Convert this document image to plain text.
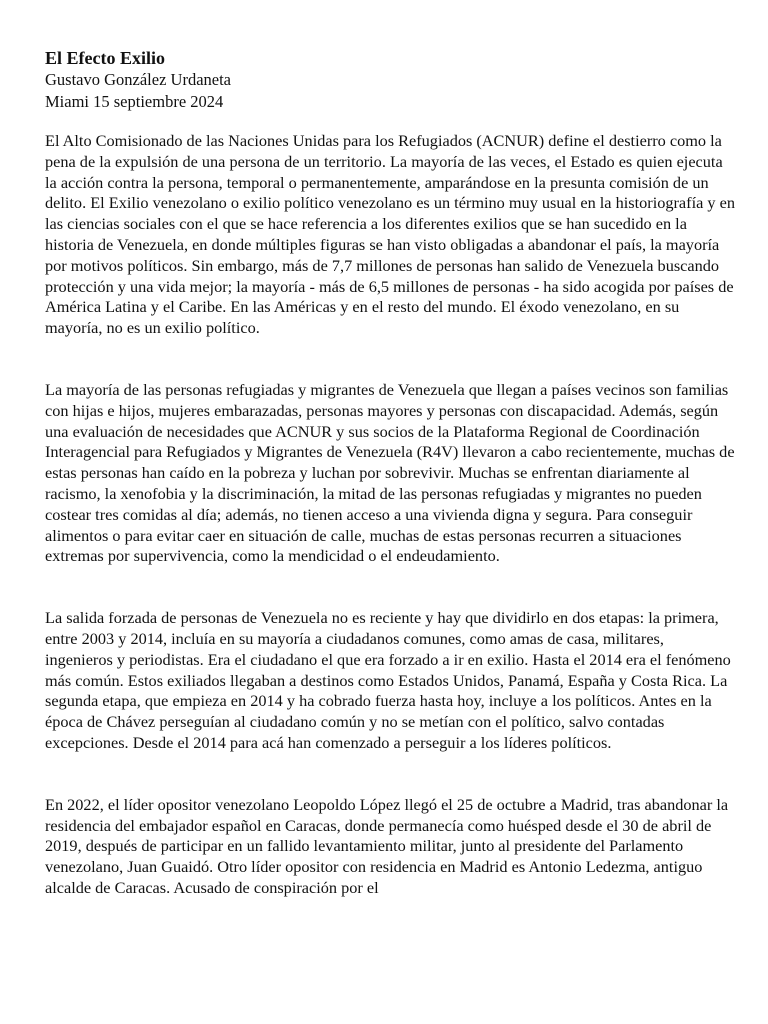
El Efecto Exilio

Gustavo González Urdaneta

Miami 15 septiembre 2024

El Alto Comisionado de las Naciones Unidas para los Refugiados (ACNUR) define el destierro como la pena de la expulsión de una persona de un territorio. La mayoría de las veces, el Estado es quien ejecuta la acción contra la persona, temporal o permanentemente, amparándose en la presunta comisión de un delito. El Exilio venezolano o exilio político venezolano es un término muy usual en la historiografía y en las ciencias sociales con el que se hace referencia a los diferentes exilios que se han sucedido en la historia de Venezuela, en donde múltiples figuras se han visto obligadas a abandonar el país, la mayoría por motivos políticos. Sin embargo, más de 7,7 millones de personas han salido de Venezuela buscando protección y una vida mejor; la mayoría - más de 6,5 millones de personas - ha sido acogida por países de América Latina y el Caribe. En las Américas y en el resto del mundo. El éxodo venezolano, en su mayoría, no es un exilio político.

La mayoría de las personas refugiadas y migrantes de Venezuela que llegan a países vecinos son familias con hijas e hijos, mujeres embarazadas, personas mayores y personas con discapacidad. Además, según una evaluación de necesidades que ACNUR y sus socios de la Plataforma Regional de Coordinación Interagencial para Refugiados y Migrantes de Venezuela (R4V) llevaron a cabo recientemente, muchas de estas personas han caído en la pobreza y luchan por sobrevivir. Muchas se enfrentan diariamente al racismo, la xenofobia y la discriminación, la mitad de las personas refugiadas y migrantes no pueden costear tres comidas al día; además, no tienen acceso a una vivienda digna y segura. Para conseguir alimentos o para evitar caer en situación de calle, muchas de estas personas recurren a situaciones extremas por supervivencia, como la mendicidad o el endeudamiento.

La salida forzada de personas de Venezuela no es reciente y hay que dividirlo en dos etapas: la primera, entre 2003 y 2014, incluía en su mayoría a ciudadanos comunes, como amas de casa, militares, ingenieros y periodistas. Era el ciudadano el que era forzado a ir en exilio. Hasta el 2014 era el fenómeno más común. Estos exiliados llegaban a destinos como Estados Unidos, Panamá, España y Costa Rica. La segunda etapa, que empieza en 2014 y ha cobrado fuerza hasta hoy, incluye a los políticos. Antes en la época de Chávez perseguían al ciudadano común y no se metían con el político, salvo contadas excepciones. Desde el 2014 para acá han comenzado a perseguir a los líderes políticos.

En 2022, el líder opositor venezolano Leopoldo López llegó el 25 de octubre a Madrid, tras abandonar la residencia del embajador español en Caracas, donde permanecía como huésped desde el 30 de abril de 2019, después de participar en un fallido levantamiento militar, junto al presidente del Parlamento venezolano, Juan Guaidó. Otro líder opositor con residencia en Madrid es Antonio Ledezma, antiguo alcalde de Caracas. Acusado de conspiración por el
